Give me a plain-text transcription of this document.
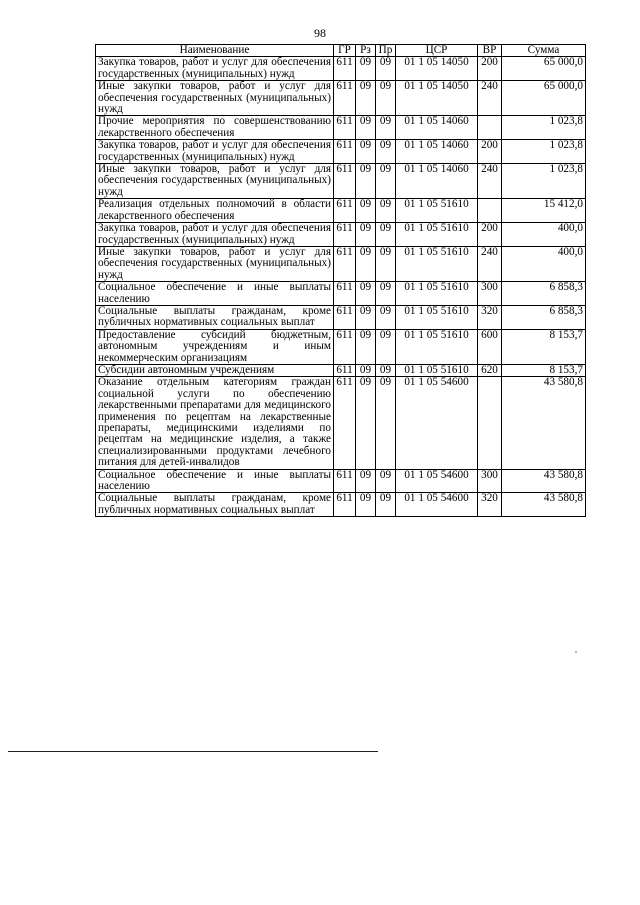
98
Наименование	ГР	Рз	Пр	ЦСР	ВР	Сумма
Закупка товаров, работ и услуг для обеспечения государственных (муниципальных) нужд	611	09	09	01 1 05 14050	200	65 000,0
Иные закупки товаров, работ и услуг для обеспечения государственных (муниципальных) нужд	611	09	09	01 1 05 14050	240	65 000,0
Прочие мероприятия по совершенствованию лекарственного обеспечения	611	09	09	01 1 05 14060		1 023,8
Закупка товаров, работ и услуг для обеспечения государственных (муниципальных) нужд	611	09	09	01 1 05 14060	200	1 023,8
Иные закупки товаров, работ и услуг для обеспечения государственных (муниципальных) нужд	611	09	09	01 1 05 14060	240	1 023,8
Реализация отдельных полномочий в области лекарственного обеспечения	611	09	09	01 1 05 51610		15 412,0
Закупка товаров, работ и услуг для обеспечения государственных (муниципальных) нужд	611	09	09	01 1 05 51610	200	400,0
Иные закупки товаров, работ и услуг для обеспечения государственных (муниципальных) нужд	611	09	09	01 1 05 51610	240	400,0
Социальное обеспечение и иные выплаты населению	611	09	09	01 1 05 51610	300	6 858,3
Социальные выплаты гражданам, кроме публичных нормативных социальных выплат	611	09	09	01 1 05 51610	320	6 858,3
Предоставление субсидий бюджетным, автономным учреждениям и иным некоммерческим организациям	611	09	09	01 1 05 51610	600	8 153,7
Субсидии автономным учреждениям	611	09	09	01 1 05 51610	620	8 153,7
Оказание отдельным категориям граждан социальной услуги по обеспечению лекарственными препаратами для медицинского применения по рецептам на лекарственные препараты, медицинскими изделиями по рецептам на медицинские изделия, а также специализированными продуктами лечебного питания для детей-инвалидов	611	09	09	01 1 05 54600		43 580,8
Социальное обеспечение и иные выплаты населению	611	09	09	01 1 05 54600	300	43 580,8
Социальные выплаты гражданам, кроме публичных нормативных социальных выплат	611	09	09	01 1 05 54600	320	43 580,8
